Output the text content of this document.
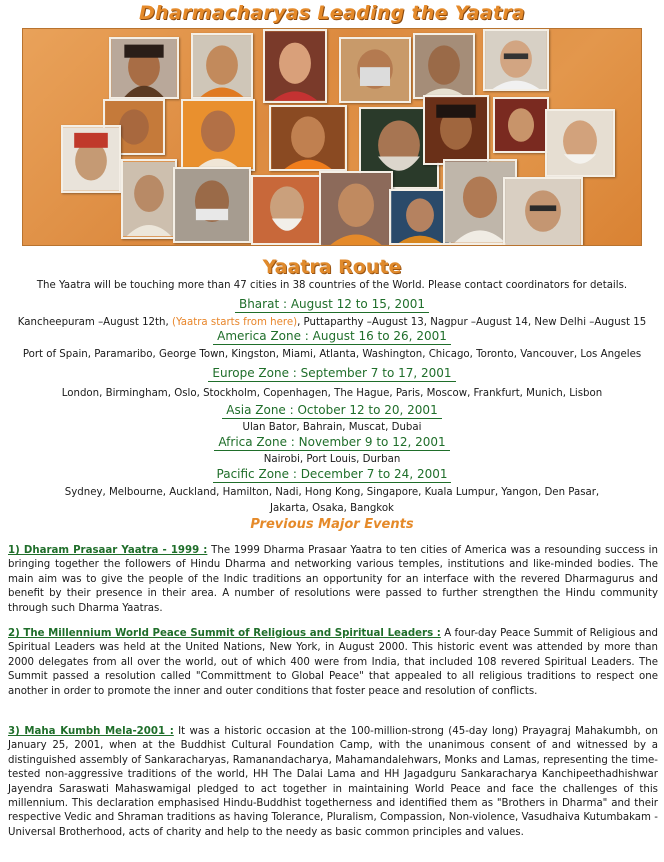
Dharmacharyas Leading the Yaatra
Yaatra Route
The Yaatra will be touching more than 47 cities in 38 countries of the World. Please contact coordinators for details.
Bharat : August 12 to 15, 2001
Kancheepuram –August 12th, (Yaatra starts from here), Puttaparthy –August 13, Nagpur –August 14, New Delhi –August 15
America Zone : August 16 to 26, 2001
Port of Spain, Paramaribo, George Town, Kingston, Miami, Atlanta, Washington, Chicago, Toronto, Vancouver, Los Angeles
Europe Zone : September 7 to 17, 2001
London, Birmingham, Oslo, Stockholm, Copenhagen, The Hague, Paris, Moscow, Frankfurt, Munich, Lisbon
Asia Zone : October 12 to 20, 2001
Ulan Bator, Bahrain, Muscat, Dubai
Africa Zone : November 9 to 12, 2001
Nairobi, Port Louis, Durban
Pacific Zone : December 7 to 24, 2001
Sydney, Melbourne, Auckland, Hamilton, Nadi, Hong Kong, Singapore, Kuala Lumpur, Yangon, Den Pasar,
Jakarta, Osaka, Bangkok
Previous Major Events
1) Dharam Prasaar Yaatra - 1999 : The 1999 Dharma Prasaar Yaatra to ten cities of America was a resounding success in bringing together the followers of Hindu Dharma and networking various temples, institutions and like-minded bodies. The main aim was to give the people of the Indic traditions an opportunity for an interface with the revered Dharmagurus and benefit by their presence in their area. A number of resolutions were passed to further strengthen the Hindu community through such Dharma Yaatras.
2) The Millennium World Peace Summit of Religious and Spiritual Leaders : A four-day Peace Summit of Religious and Spiritual Leaders was held at the United Nations, New York, in August 2000. This historic event was attended by more than 2000 delegates from all over the world, out of which 400 were from India, that included 108 revered Spiritual Leaders. The Summit passed a resolution called "Committment to Global Peace" that appealed to all religious traditions to respect one another in order to promote the inner and outer conditions that foster peace and resolution of conflicts.
3) Maha Kumbh Mela-2001 : It was a historic occasion at the 100-million-strong (45-day long) Prayagraj Mahakumbh, on January 25, 2001, when at the Buddhist Cultural Foundation Camp, with the unanimous consent of and witnessed by a distinguished assembly of Sankaracharyas, Ramanandacharya, Mahamandalehwars, Monks and Lamas, representing the time-tested non-aggressive traditions of the world, HH The Dalai Lama and HH Jagadguru Sankaracharya Kanchipeethadhishwar Jayendra Saraswati Mahaswamigal pledged to act together in maintaining World Peace and face the challenges of this millennium. This declaration emphasised Hindu-Buddhist togetherness and identified them as "Brothers in Dharma" and their respective Vedic and Shraman traditions as having Tolerance, Pluralism, Compassion, Non-violence, Vasudhaiva Kutumbakam - Universal Brotherhood, acts of charity and help to the needy as basic common principles and values.
